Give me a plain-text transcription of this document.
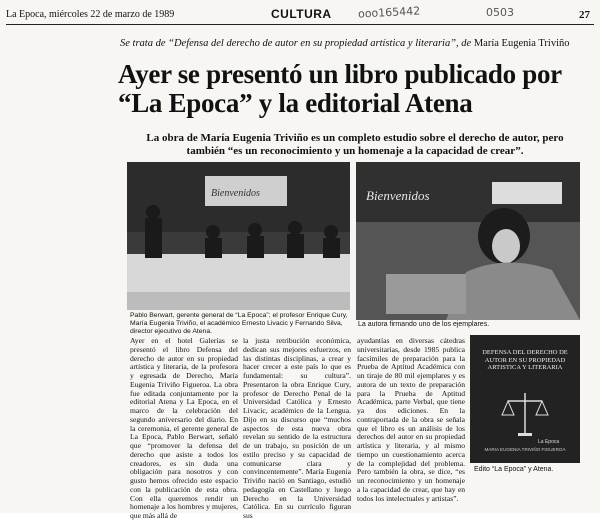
La Epoca, miércoles 22 de marzo de 1989	CULTURA ooo165442	0503	27
Se trata de “Defensa del derecho de autor en su propiedad artística y literaria”, de María Eugenia Triviño
Ayer se presentó un libro publicado por “La Epoca” y la editorial Atena
La obra de María Eugenia Triviño es un completo estudio sobre el derecho de autor, pero también “es un reconocimiento y un homenaje a la capacidad de crear”.
Bienvenidos
Pablo Berwart, gerente general de “La Epoca”; el profesor Enrique Cury, María Eugenia Triviño, el académico Ernesto Livacic y Fernando Silva, director ejecutivo de Atena.
Bienvenidos
La autora firmando uno de los ejemplares.
Ayer en el hotel Galerías se presentó el libro Defensa del derecho de autor en su propiedad artística y literaria, de la profesora y egresada de Derecho, María Eugenia Triviño Figueroa. La obra fue editada conjuntamente por la editorial Atena y La Epoca, en el marco de la celebración del segundo aniversario del diario. En la ceremonia, el gerente general de La Epoca, Pablo Berwart, señaló que “promover la defensa del derecho que asiste a todos los creadores, es sin duda una obligación para nosotros y con gusto hemos ofrecido este espacio con la publicación de esta obra. Con ella queremos rendir un homenaje a los hombres y mujeres, que más allá de
la justa retribución económica, dedican sus mejores esfuerzos, en las distintas disciplinas, a crear y hacer crecer a este país lo que es fundamental: su cultura”. Presentaron la obra Enrique Cury, profesor de Derecho Penal de la Universidad Católica y Ernesto Livacic, académico de la Lengua. Dijo en su discurso que “muchos aspectos de esta nueva obra revelan su sentido de la estructura de un trabajo, su posición de un estilo preciso y su capacidad de comunicarse clara y convincentemente”. María Eugenia Triviño nació en Santiago, estudió pedagogía en Castellano y luego Derecho en la Universidad Católica. En su currículo figuran sus
ayudantías en diversas cátedras universitarias, desde 1985 publica facsímiles de preparación para la Prueba de Aptitud Académica con un tiraje de 80 mil ejemplares y es autora de un texto de preparación para la Prueba de Aptitud Académica, parte Verbal, que tiene ya dos ediciones. En la contraportada de la obra se señala que el libro es un análisis de los derechos del autor en su propiedad artística y literaria, y al mismo tiempo un cuestionamiento acerca de la complejidad del problema. Pero también la obra, se dice, “es un reconocimiento y un homenaje a la capacidad de crear, que hay en todos los intelectuales y artistas”.
DEFENSA DEL DERECHO DE AUTOR EN SU PROPIEDAD ARTISTICA Y LITERARIA
La Epoca
MARIA EUGENIA TRIVIÑO FIGUEROA
Edito “La Epoca” y Atena.
